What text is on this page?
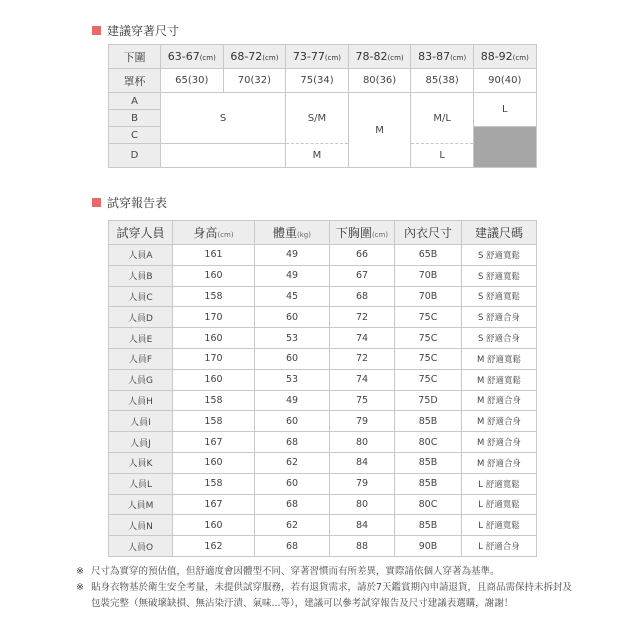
建議穿著尺寸
下圍	63-67(cm)	68-72(cm)	73-77(cm)	78-82(cm)	83-87(cm)	88-92(cm)
罩杯	65(30)	70(32)	75(34)	80(36)	85(38)	90(40)
A	S		S/M	M	M/L	L
B						
C						
D			M		L	
試穿報告表
試穿人員	身高(cm)	體重(kg)	下胸圍(cm)	內衣尺寸	建議尺碼
人員A	161	49	66	65B	S 舒適寬鬆
人員B	160	49	67	70B	S 舒適寬鬆
人員C	158	45	68	70B	S 舒適寬鬆
人員D	170	60	72	75C	S 舒適合身
人員E	160	53	74	75C	S 舒適合身
人員F	170	60	72	75C	M 舒適寬鬆
人員G	160	53	74	75C	M 舒適寬鬆
人員H	158	49	75	75D	M 舒適合身
人員I	158	60	79	85B	M 舒適合身
人員J	167	68	80	80C	M 舒適合身
人員K	160	62	84	85B	M 舒適合身
人員L	158	60	79	85B	L 舒適寬鬆
人員M	167	68	80	80C	L 舒適寬鬆
人員N	160	62	84	85B	L 舒適寬鬆
人員O	162	68	88	90B	L 舒適合身
※ 尺寸為實穿的預估值，但舒適度會因體型不同、穿著習慣而有所差異，實際請依個人穿著為基準。
※ 貼身衣物基於衛生安全考量，未提供試穿服務，若有退貨需求，請於7天鑑賞期內申請退貨，且商品需保持未拆封及包裝完整（無破壞缺損、無沾染汙漬、氣味...等），建議可以參考試穿報告及尺寸建議表選購，謝謝！
